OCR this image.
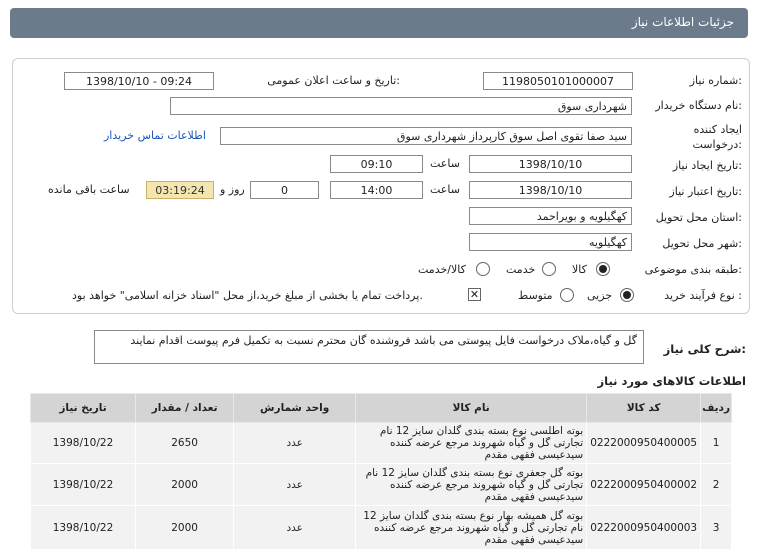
جزئیات اطلاعات نیاز
شماره نیاز:
1198050101000007
تاریخ و ساعت اعلان عمومی:
1398/10/10 - 09:24
نام دستگاه خریدار:
شهرداری سوق
ایجاد کننده
درخواست:
سید صفا تقوی اصل سوق کارپرداز شهرداری سوق
اطلاعات تماس خریدار
تاریخ ایجاد نیاز:
1398/10/10
ساعت
09:10
تاریخ اعتبار نیاز:
1398/10/10
ساعت
14:00
0
روز و
03:19:24
ساعت باقی مانده
استان محل تحویل:
کهگیلویه و بویراحمد
شهر محل تحویل:
کهگیلویه
طبقه بندی موضوعی:
کالا
خدمت
کالا/خدمت
نوع فرآیند خرید :
جزیی
متوسط
✕
پرداخت تمام یا بخشی از مبلغ خرید،از محل "اسناد خزانه اسلامی" خواهد بود.
شرح کلی نیاز:
گل و گیاه،ملاک درخواست فایل پیوستی می باشد فروشنده گان محترم نسبت به تکمیل فرم پیوست اقدام نمایند
اطلاعات کالاهای مورد نیاز
ردیف	کد کالا	نام کالا	واحد شمارش	تعداد / مقدار	تاریخ نیاز
1	0222000950400005	بوته اطلسی نوع بسته بندی گلدان سایز 12 نام تجارتی گل و گیاه شهروند مرجع عرضه کننده سیدعیسی فقهی مقدم	عدد	2650	1398/10/22
2	0222000950400002	بوته گل جعفری نوع بسته بندی گلدان سایز 12 نام تجارتی گل و گیاه شهروند مرجع عرضه کننده سیدعیسی فقهی مقدم	عدد	2000	1398/10/22
3	0222000950400003	بوته گل همیشه بهار نوع بسته بندی گلدان سایز 12 نام تجارتی گل و گیاه شهروند مرجع عرضه کننده سیدعیسی فقهی مقدم	عدد	2000	1398/10/22
